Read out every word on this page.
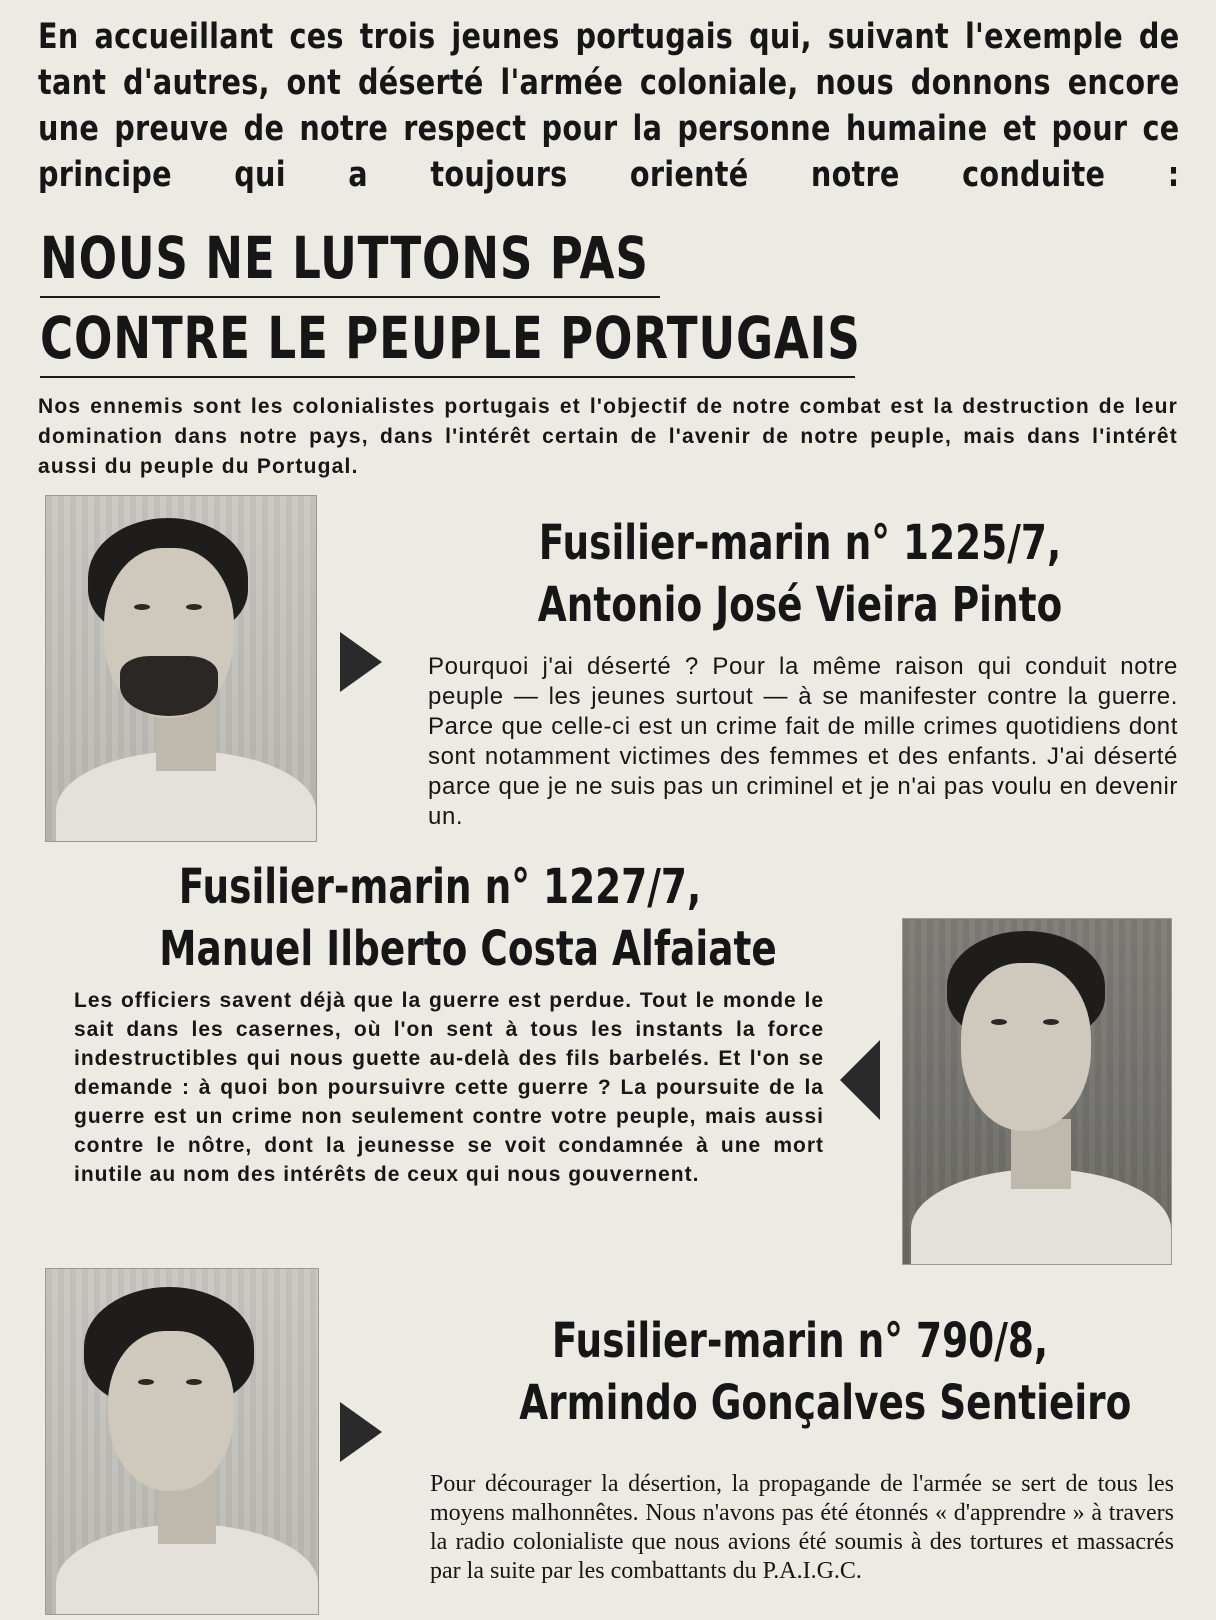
En accueillant ces trois jeunes portugais qui, suivant l'exemple de tant d'autres, ont déserté l'armée coloniale, nous donnons encore une preuve de notre respect pour la personne humaine et pour ce principe qui a toujours orienté notre conduite :
NOUS NE LUTTONS PAS
CONTRE LE PEUPLE PORTUGAIS
Nos ennemis sont les colonialistes portugais et l'objectif de notre combat est la destruction de leur domination dans notre pays, dans l'intérêt certain de l'avenir de notre peuple, mais dans l'intérêt aussi du peuple du Portugal.
Fusilier-marin n° 1225/7,
Antonio José Vieira Pinto
Pourquoi j'ai déserté ? Pour la même raison qui conduit notre peuple — les jeunes surtout — à se manifester contre la guerre. Parce que celle-ci est un crime fait de mille crimes quotidiens dont sont notamment victimes des femmes et des enfants. J'ai déserté parce que je ne suis pas un criminel et je n'ai pas voulu en devenir un.
Fusilier-marin n° 1227/7,
Manuel Ilberto Costa Alfaiate
Les officiers savent déjà que la guerre est perdue. Tout le monde le sait dans les casernes, où l'on sent à tous les instants la force indestructibles qui nous guette au-delà des fils barbelés. Et l'on se demande : à quoi bon poursuivre cette guerre ? La poursuite de la guerre est un crime non seulement contre votre peuple, mais aussi contre le nôtre, dont la jeunesse se voit condamnée à une mort inutile au nom des intérêts de ceux qui nous gouvernent.
Fusilier-marin n° 790/8,
Armindo Gonçalves Sentieiro
Pour décourager la désertion, la propagande de l'armée se sert de tous les moyens malhonnêtes. Nous n'avons pas été étonnés « d'apprendre » à travers la radio colonialiste que nous avions été soumis à des tortures et massacrés par la suite par les combattants du P.A.I.G.C.
